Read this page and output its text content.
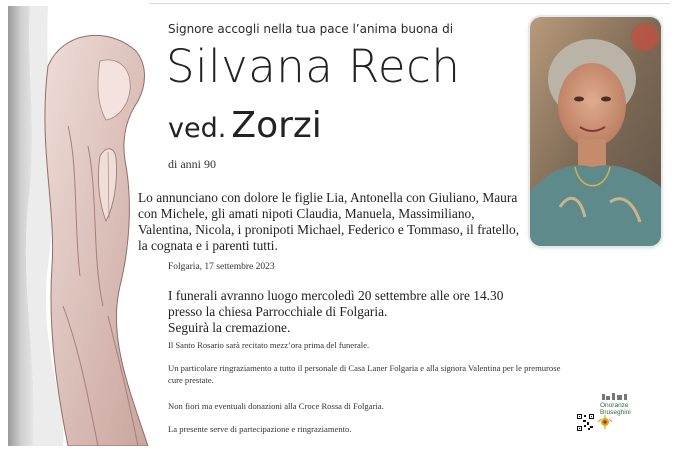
Signore accogli nella tua pace l’anima buona di
Silvana Rech
ved. Zorzi
di anni 90
Lo annunciano con dolore le figlie Lia, Antonella con Giuliano, Maura con Michele, gli amati nipoti Claudia, Manuela, Massimiliano, Valentina, Nicola, i pronipoti Michael, Federico e Tommaso, il fratello, la cognata e i parenti tutti.
Folgaria, 17 settembre 2023
I funerali avranno luogo mercoledì 20 settembre alle ore 14.30
presso la chiesa Parrocchiale di Folgaria.
Seguirà la cremazione.
Il Santo Rosario sarà recitato mezz’ora prima del funerale.
Un particolare ringraziamento a tutto il personale di Casa Laner Folgaria e alla signora Valentina per le premurose cure prestate.
Non fiori ma eventuali donazioni alla Croce Rossa di Folgaria.
La presente serve di partecipazione e ringraziamento.
Onoranze
Bruseghini
